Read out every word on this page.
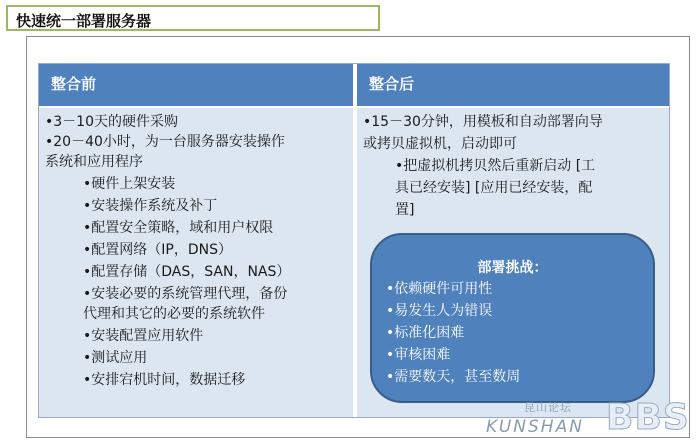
快速统一部署服务器
整合前	整合后
•3－10天的硬件采购
•20－40小时，为一台服务器安装操作
系统和应用程序
•硬件上架安装
•安装操作系统及补丁
•配置安全策略，域和用户权限
•配置网络（IP，DNS）
•配置存储（DAS，SAN，NAS）
•安装必要的系统管理代理，备份
代理和其它的必要的系统软件
•安装配置应用软件
•测试应用
•安排宕机时间，数据迁移
•15－30分钟，用模板和自动部署向导
或拷贝虚拟机，启动即可
•把虚拟机拷贝然后重新启动 [工
具已经安装] [应用已经安装，配
置]
部署挑战：
•依赖硬件可用性
•易发生人为错误
•标准化困难
•审核困难
•需要数天，甚至数周
BBS
昆山论坛
KUNSHAN
